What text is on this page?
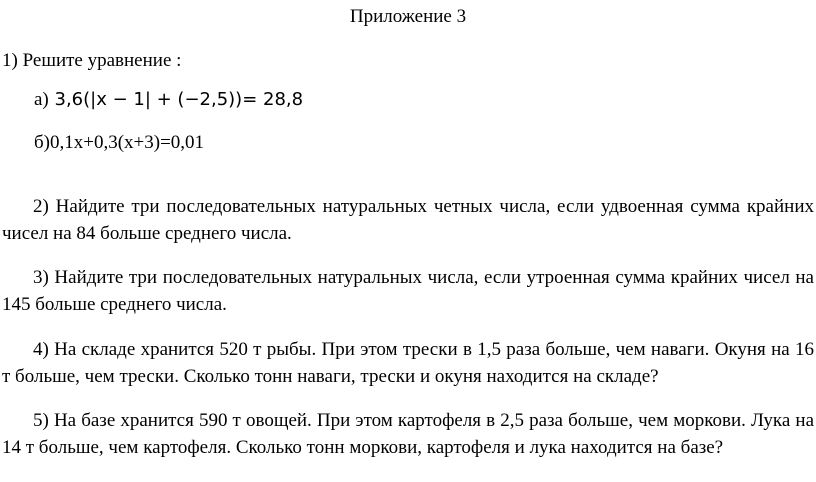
Приложение 3
1) Решите уравнение :
а) 3,6(|x − 1| + (−2,5))= 28,8
б)0,1x+0,3(x+3)=0,01
2) Найдите три последовательных натуральных четных числа, если удвоенная сумма крайних чисел на 84 больше среднего числа.
3) Найдите три последовательных натуральных числа, если утроенная сумма крайних чисел на 145 больше среднего числа.
4) На складе хранится 520 т рыбы. При этом трески в 1,5 раза больше, чем наваги. Окуня на 16 т больше, чем трески. Сколько тонн наваги, трески и окуня находится на складе?
5) На базе хранится 590 т овощей. При этом картофеля в 2,5 раза больше, чем моркови. Лука на 14 т больше, чем картофеля. Сколько тонн моркови, картофеля и лука находится на базе?
